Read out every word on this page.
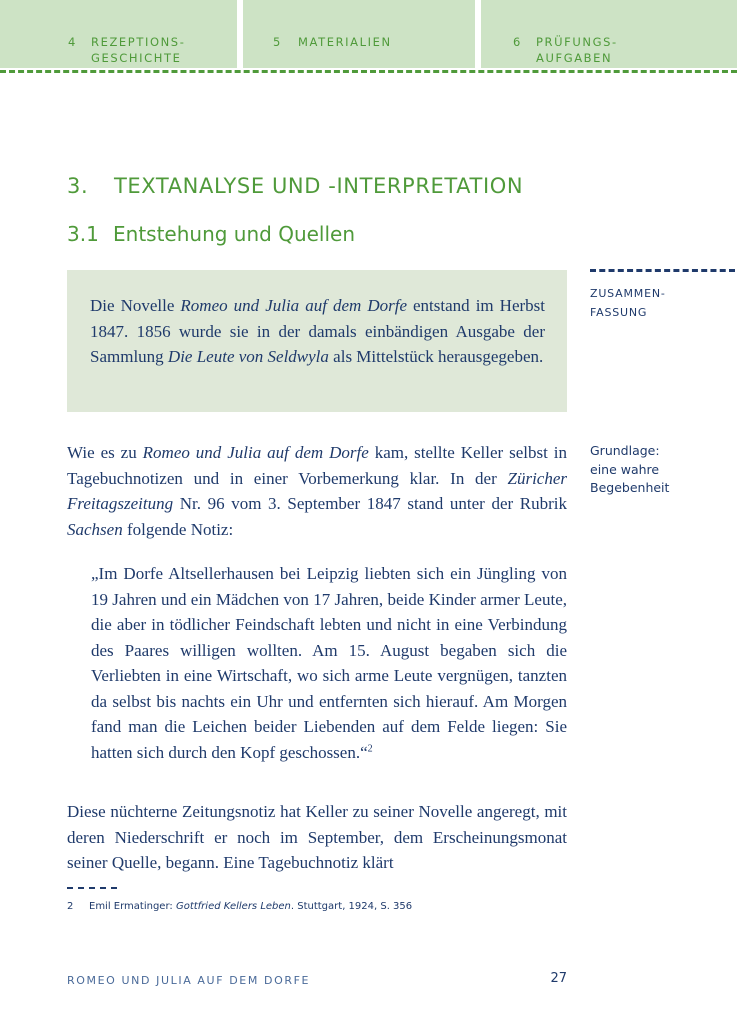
4 REZEPTIONS-
GESCHICHTE
5 MATERIALIEN	6 PRÜFUNGS-
AUFGABEN
3. TEXTANALYSE UND -INTERPRETATION
3.1 Entstehung und Quellen
Die Novelle Romeo und Julia auf dem Dorfe entstand im Herbst 1847. 1856 wurde sie in der damals einbändigen Ausgabe der Sammlung Die Leute von Seldwyla als Mittelstück herausgegeben.
ZUSAMMEN-
FASSUNG
Grundlage:
eine wahre
Begebenheit
Wie es zu Romeo und Julia auf dem Dorfe kam, stellte Keller selbst in Tagebuchnotizen und in einer Vorbemerkung klar. In der Züricher Freitagszeitung Nr. 96 vom 3. September 1847 stand unter der Rubrik Sachsen folgende Notiz:
„Im Dorfe Altsellerhausen bei Leipzig liebten sich ein Jüngling von 19 Jahren und ein Mädchen von 17 Jahren, beide Kinder armer Leute, die aber in tödlicher Feindschaft lebten und nicht in eine Verbindung des Paares willigen wollten. Am 15. August begaben sich die Verliebten in eine Wirtschaft, wo sich arme Leute vergnügen, tanzten da selbst bis nachts ein Uhr und entfernten sich hierauf. Am Morgen fand man die Leichen beider Liebenden auf dem Felde liegen: Sie hatten sich durch den Kopf geschossen.“$^2$
Diese nüchterne Zeitungsnotiz hat Keller zu seiner Novelle angeregt, mit deren Niederschrift er noch im September, dem Erscheinungsmonat seiner Quelle, begann. Eine Tagebuchnotiz klärt
2 Emil Ermatinger: Gottfried Kellers Leben. Stuttgart, 1924, S. 356
ROMEO UND JULIA AUF DEM DORFE	27
